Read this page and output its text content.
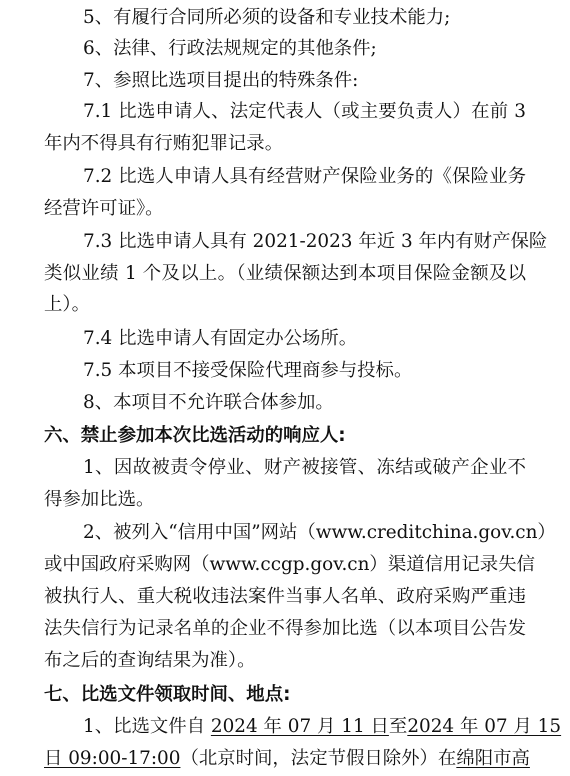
5、有履行合同所必须的设备和专业技术能力;
6、法律、行政法规规定的其他条件;
7、参照比选项目提出的特殊条件:
7.1 比选申请人、法定代表人（或主要负责人）在前 3
年内不得具有行贿犯罪记录。
7.2 比选人申请人具有经营财产保险业务的《保险业务
经营许可证》。
7.3 比选申请人具有 2021-2023 年近 3 年内有财产保险
类似业绩 1 个及以上。（业绩保额达到本项目保险金额及以
上）。
7.4 比选申请人有固定办公场所。
7.5 本项目不接受保险代理商参与投标。
8、本项目不允许联合体参加。
六、禁止参加本次比选活动的响应人:
1、因故被责令停业、财产被接管、冻结或破产企业不
得参加比选。
2、被列入“信用中国”网站（www.creditchina.gov.cn）
或中国政府采购网（www.ccgp.gov.cn）渠道信用记录失信
被执行人、重大税收违法案件当事人名单、政府采购严重违
法失信行为记录名单的企业不得参加比选（以本项目公告发
布之后的查询结果为准）。
七、比选文件领取时间、地点:
1、比选文件自 2024 年 07 月 11 日至2024 年 07 月 15
日 09:00-17:00（北京时间，法定节假日除外）在绵阳市高
